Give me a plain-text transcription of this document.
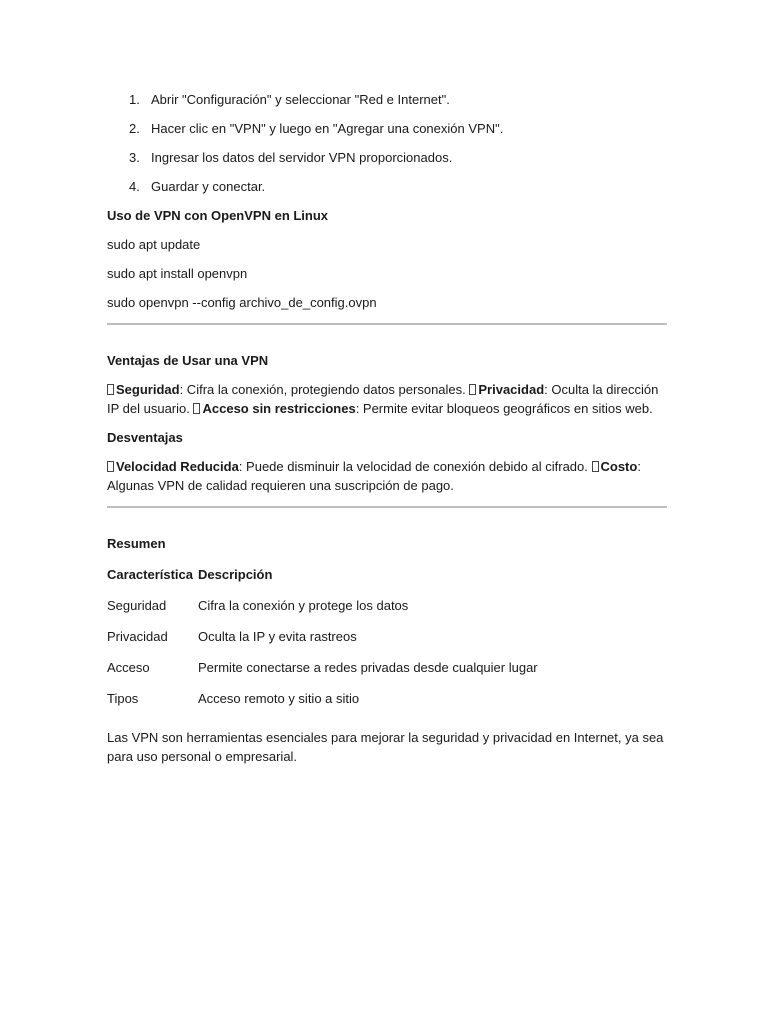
1. Abrir "Configuración" y seleccionar "Red e Internet".
2. Hacer clic en "VPN" y luego en "Agregar una conexión VPN".
3. Ingresar los datos del servidor VPN proporcionados.
4. Guardar y conectar.
Uso de VPN con OpenVPN en Linux
sudo apt update
sudo apt install openvpn
sudo openvpn --config archivo_de_config.ovpn
Ventajas de Usar una VPN
Seguridad: Cifra la conexión, protegiendo datos personales. Privacidad: Oculta la dirección IP del usuario. Acceso sin restricciones: Permite evitar bloqueos geográficos en sitios web.
Desventajas
Velocidad Reducida: Puede disminuir la velocidad de conexión debido al cifrado. Costo: Algunas VPN de calidad requieren una suscripción de pago.
Resumen
Característica	Descripción
Seguridad	Cifra la conexión y protege los datos
Privacidad	Oculta la IP y evita rastreos
Acceso	Permite conectarse a redes privadas desde cualquier lugar
Tipos	Acceso remoto y sitio a sitio

Las VPN son herramientas esenciales para mejorar la seguridad y privacidad en Internet, ya sea para uso personal o empresarial.
